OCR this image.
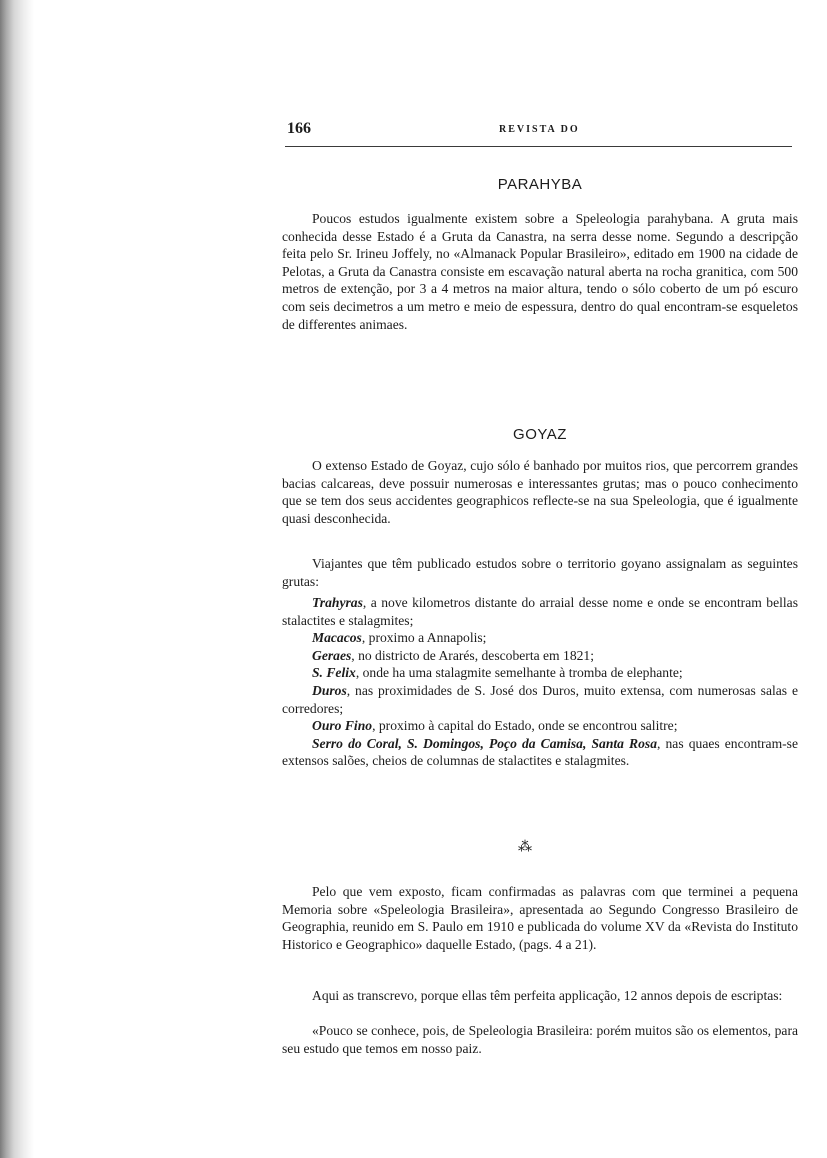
166	REVISTA DO
PARAHYBA

Poucos estudos igualmente existem sobre a Speleologia parahybana. A gruta mais conhecida desse Estado é a Gruta da Canastra, na serra desse nome. Segundo a descripção feita pelo Sr. Irineu Joffely, no «Almanack Popular Brasileiro», editado em 1900 na cidade de Pelotas, a Gruta da Canastra consiste em escavação natural aberta na rocha granitica, com 500 metros de extenção, por 3 a 4 metros na maior altura, tendo o sólo coberto de um pó escuro com seis decimetros a um metro e meio de espessura, dentro do qual encontram-se esqueletos de differentes animaes.

GOYAZ

O extenso Estado de Goyaz, cujo sólo é banhado por muitos rios, que percorrem grandes bacias calcareas, deve possuir numerosas e interessantes grutas; mas o pouco conhecimento que se tem dos seus accidentes geographicos reflecte-se na sua Speleologia, que é igualmente quasi desconhecida.

Viajantes que têm publicado estudos sobre o territorio goyano assignalam as seguintes grutas:

Trahyras, a nove kilometros distante do arraial desse nome e onde se encontram bellas stalactites e stalagmites;

Macacos, proximo a Annapolis;

Geraes, no districto de Ararés, descoberta em 1821;

S. Felix, onde ha uma stalagmite semelhante à tromba de elephante;

Duros, nas proximidades de S. José dos Duros, muito extensa, com numerosas salas e corredores;

Ouro Fino, proximo à capital do Estado, onde se encontrou salitre;

Serro do Coral, S. Domingos, Poço da Camisa, Santa Rosa, nas quaes encontram-se extensos salões, cheios de columnas de stalactites e stalagmites.

⁂

Pelo que vem exposto, ficam confirmadas as palavras com que terminei a pequena Memoria sobre «Speleologia Brasileira», apresentada ao Segundo Congresso Brasileiro de Geographia, reunido em S. Paulo em 1910 e publicada do volume XV da «Revista do Instituto Historico e Geographico» daquelle Estado, (pags. 4 a 21).

Aqui as transcrevo, porque ellas têm perfeita applicação, 12 annos depois de escriptas:

«Pouco se conhece, pois, de Speleologia Brasileira: porém muitos são os elementos, para seu estudo que temos em nosso paiz.
